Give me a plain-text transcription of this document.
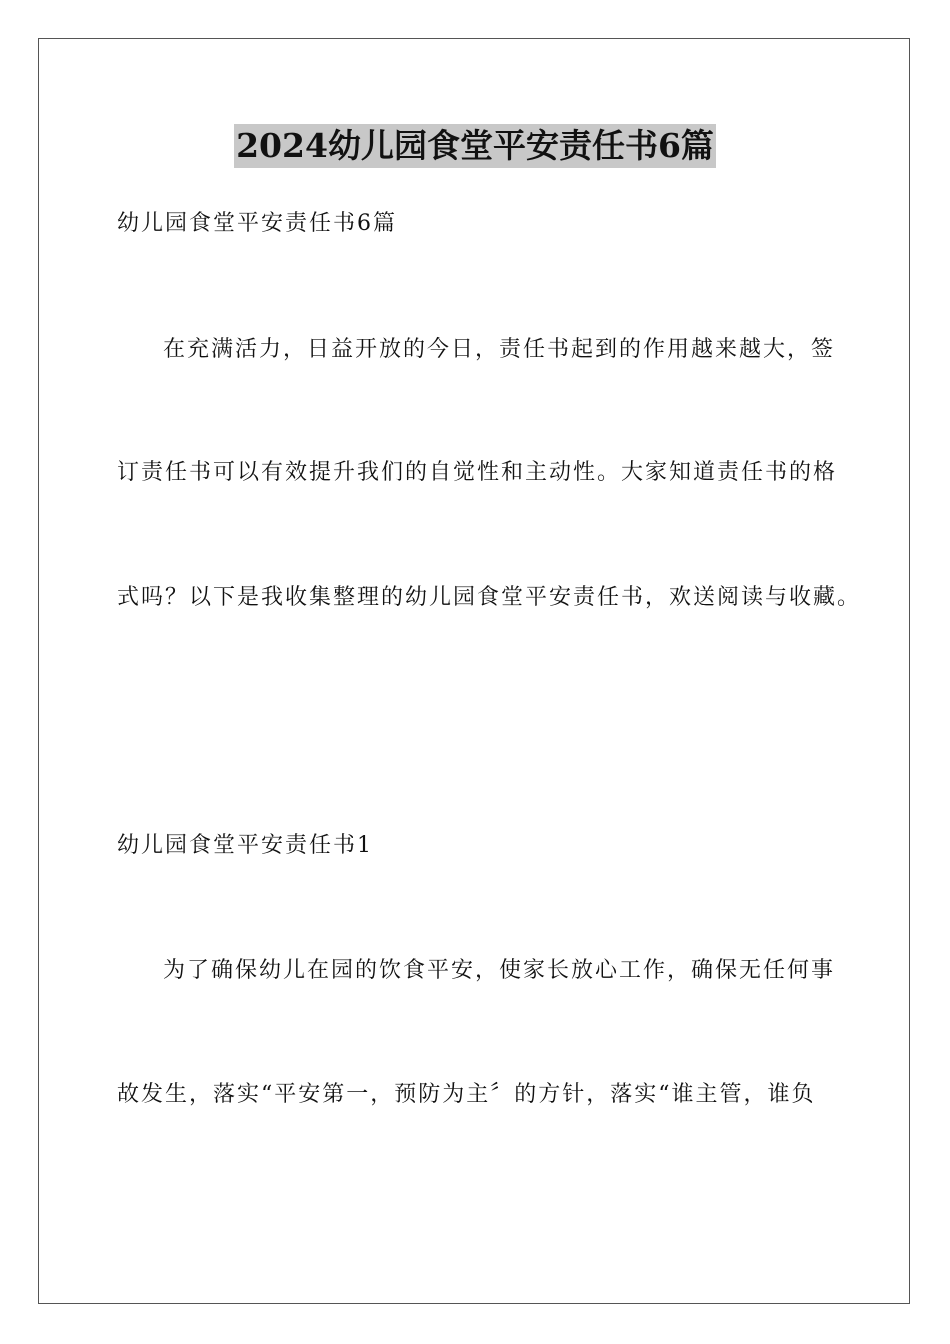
2024幼儿园食堂平安责任书6篇
幼儿园食堂平安责任书6篇
在充满活力，日益开放的今日，责任书起到的作用越来越大，签
订责任书可以有效提升我们的自觉性和主动性。大家知道责任书的格
式吗？以下是我收集整理的幼儿园食堂平安责任书，欢送阅读与收藏。
幼儿园食堂平安责任书1
为了确保幼儿在园的饮食平安，使家长放心工作，确保无任何事
故发生，落实“平安第一，预防为主〞的方针，落实“谁主管，谁负
